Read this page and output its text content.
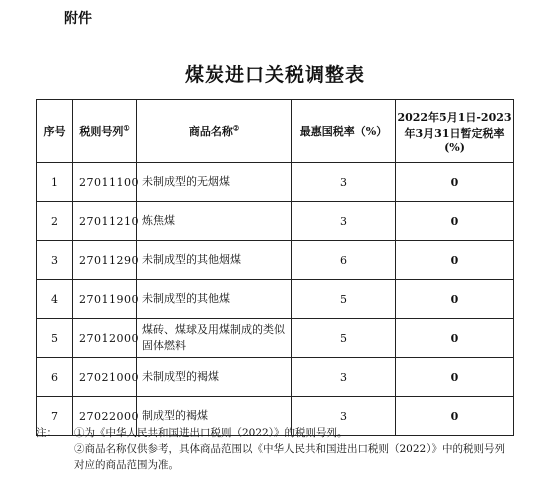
附件
煤炭进口关税调整表
序号	税则号列①	商品名称②	最惠国税率（%）	2022年5月1日-2023
年3月31日暂定税率
(%)

1	27011100	未制成型的无烟煤	3	0
2	27011210	炼焦煤	3	0
3	27011290	未制成型的其他烟煤	6	0
4	27011900	未制成型的其他煤	5	0
5	27012000	煤砖、煤球及用煤制成的类似固体燃料	5	0
6	27021000	未制成型的褐煤	3	0
7	27022000	制成型的褐煤	3	0
注：	①为《中华人民共和国进出口税则（2022）》的税则号列。
②商品名称仅供参考，具体商品范围以《中华人民共和国进出口税则（2022）》中的税则号列对应的商品范围为准。
